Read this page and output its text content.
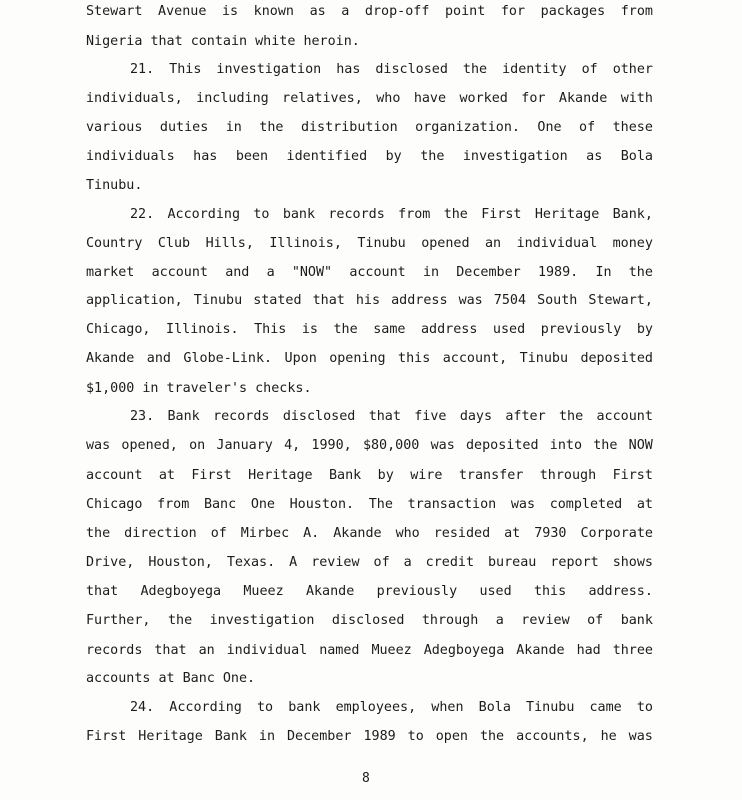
Stewart Avenue is known as a drop-off point for packages from
Nigeria that contain white heroin.
21. This investigation has disclosed the identity of other
individuals, including relatives, who have worked for Akande with
various duties in the distribution organization. One of these
individuals has been identified by the investigation as Bola
Tinubu.
22. According to bank records from the First Heritage Bank,
Country Club Hills, Illinois, Tinubu opened an individual money
market account and a "NOW" account in December 1989. In the
application, Tinubu stated that his address was 7504 South Stewart,
Chicago, Illinois. This is the same address used previously by
Akande and Globe-Link. Upon opening this account, Tinubu deposited
$1,000 in traveler's checks.
23. Bank records disclosed that five days after the account
was opened, on January 4, 1990, $80,000 was deposited into the NOW
account at First Heritage Bank by wire transfer through First
Chicago from Banc One Houston. The transaction was completed at
the direction of Mirbec A. Akande who resided at 7930 Corporate
Drive, Houston, Texas. A review of a credit bureau report shows
that Adegboyega Mueez Akande previously used this address.
Further, the investigation disclosed through a review of bank
records that an individual named Mueez Adegboyega Akande had three
accounts at Banc One.
24. According to bank employees, when Bola Tinubu came to
First Heritage Bank in December 1989 to open the accounts, he was
8
